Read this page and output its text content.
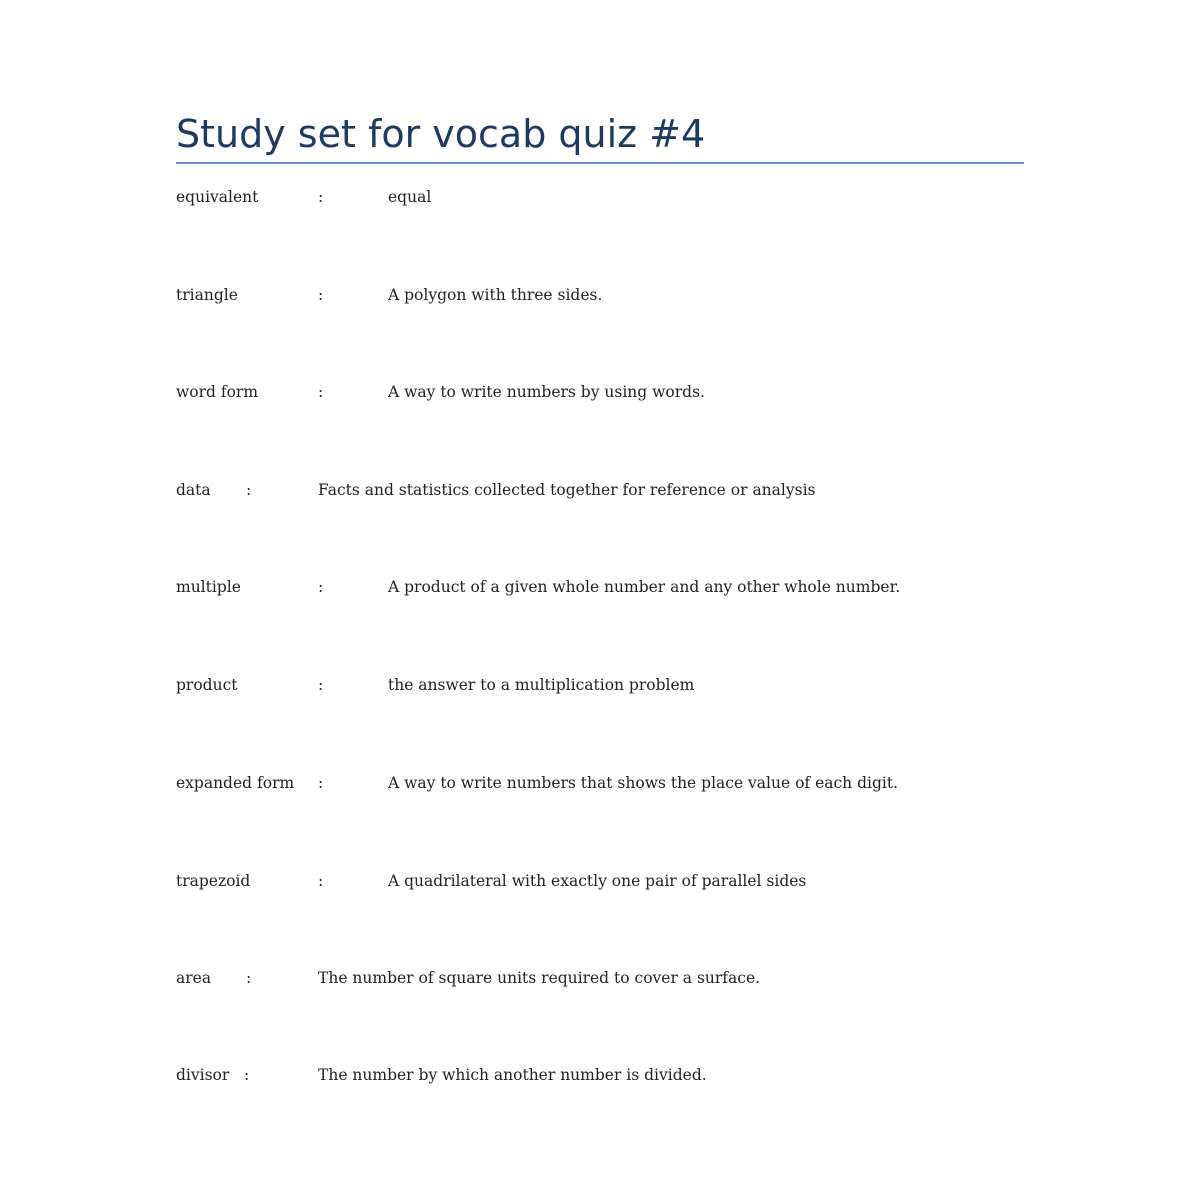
Study set for vocab quiz #4
equivalent	:	equal
triangle	:	A polygon with three sides.
word form	:	A way to write numbers by using words.
data :	Facts and statistics collected together for reference or analysis
multiple	:	A product of a given whole number and any other whole number.
product	:	the answer to a multiplication problem
expanded form :	A way to write numbers that shows the place value of each digit.
trapezoid	:	A quadrilateral with exactly one pair of parallel sides
area :	The number of square units required to cover a surface.
divisor :	The number by which another number is divided.
